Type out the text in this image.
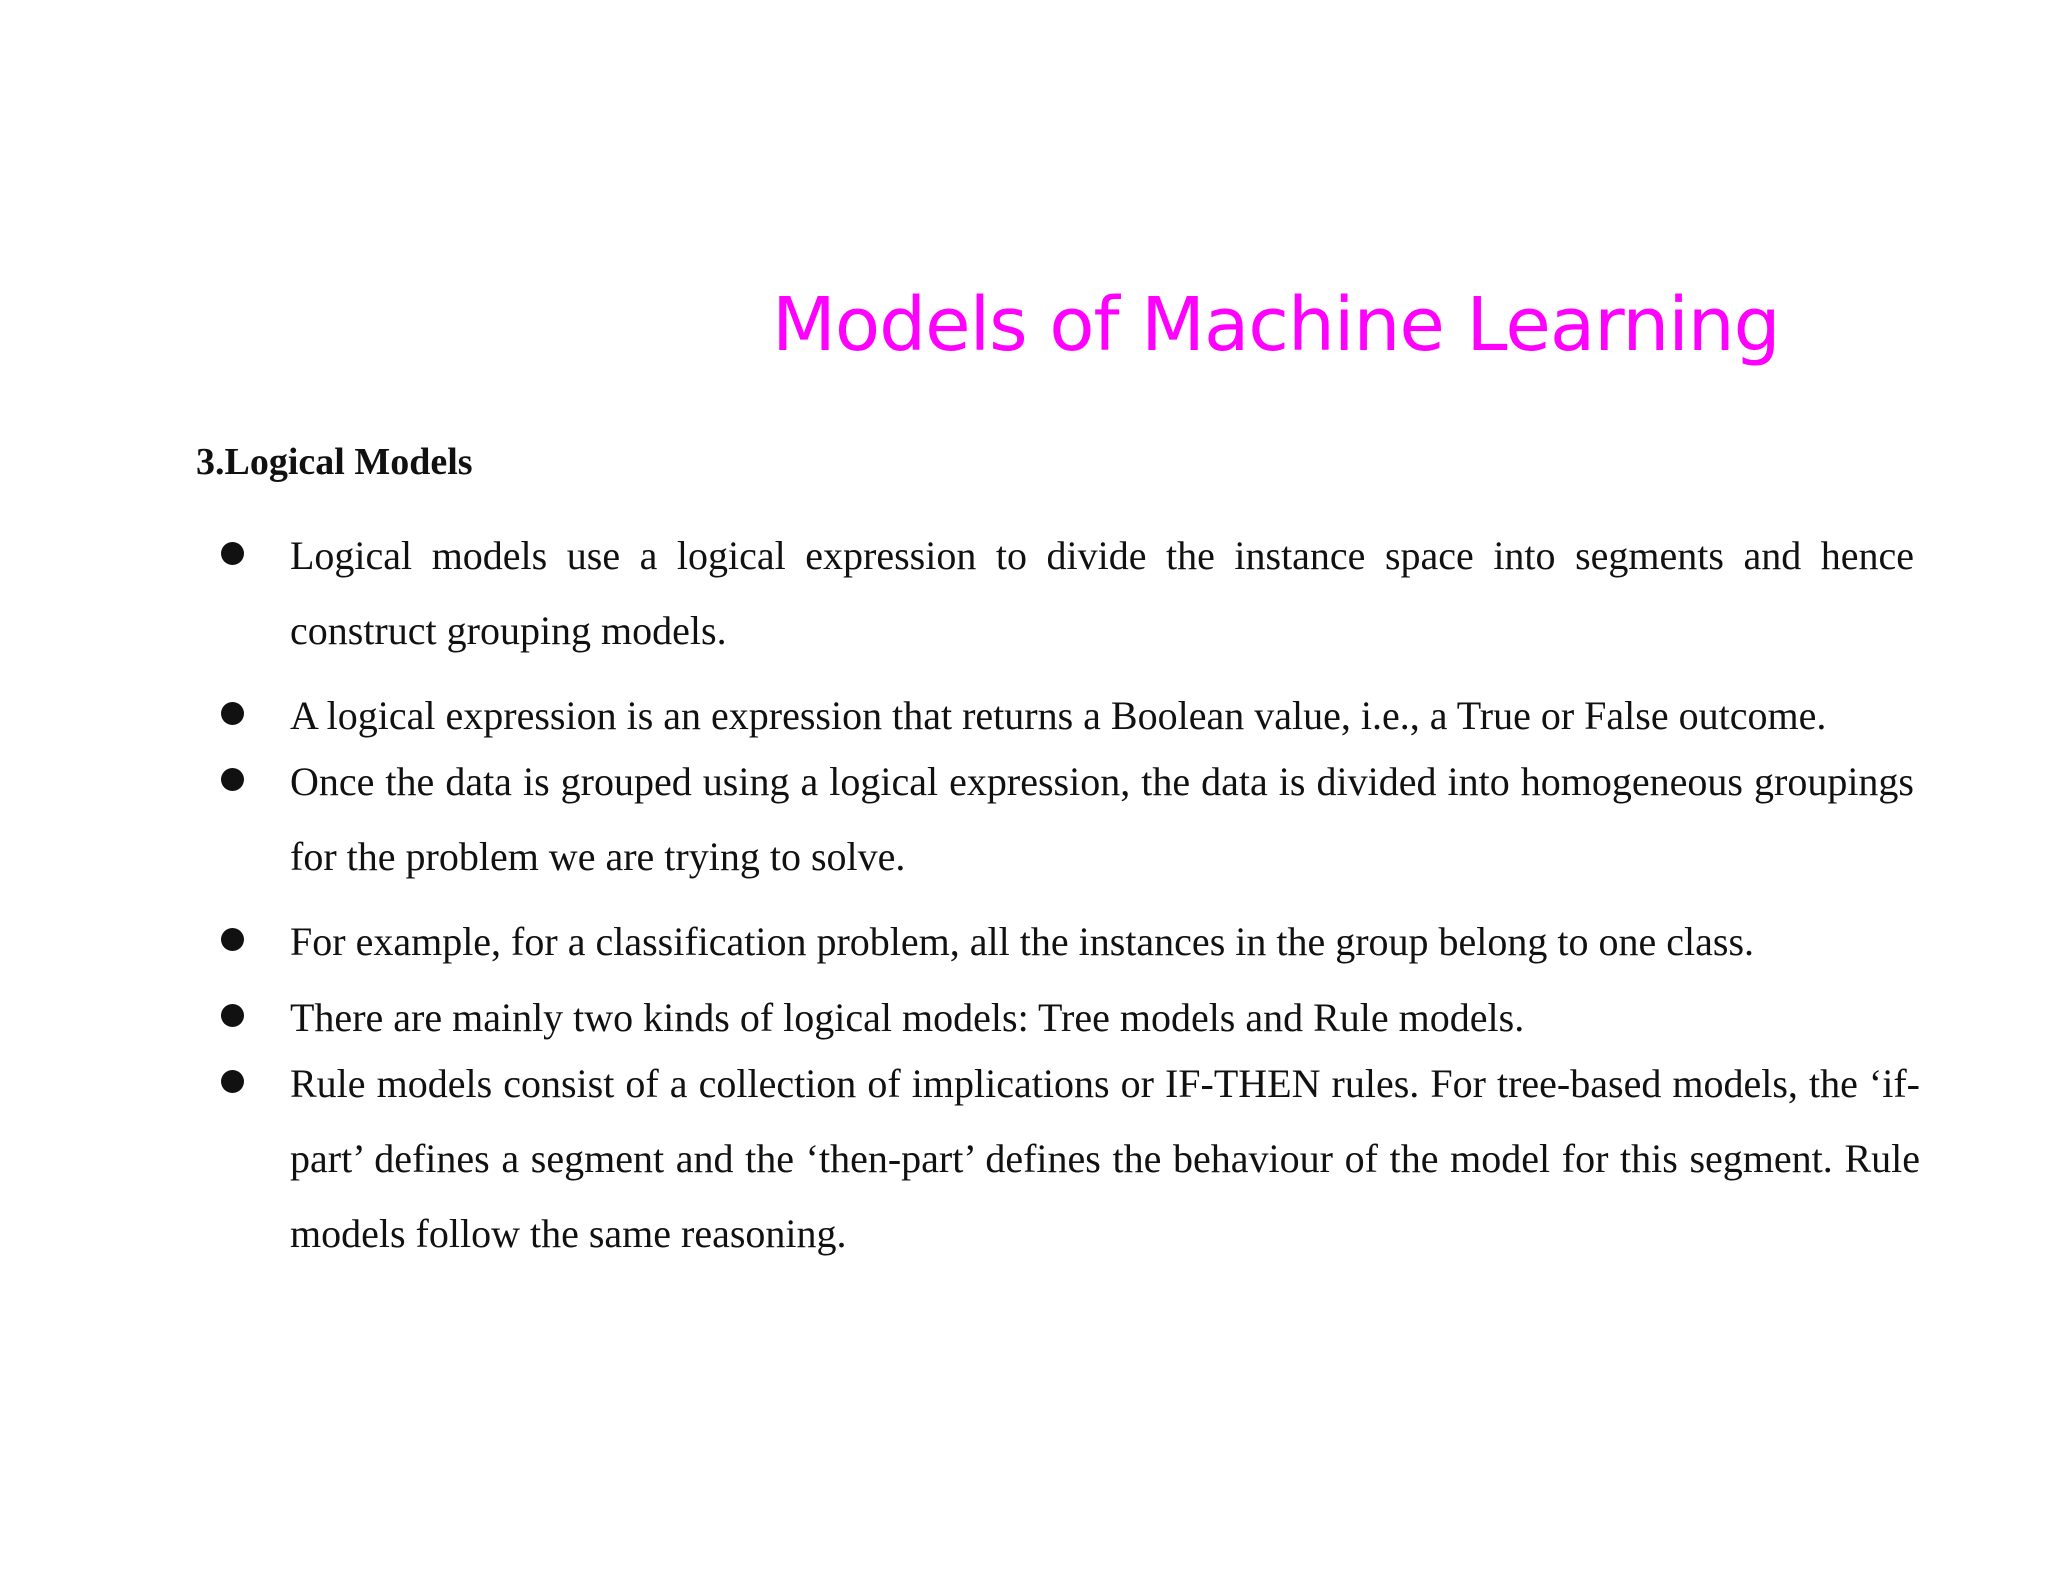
Models of Machine Learning
3.Logical Models

Logical models use a logical expression to divide the instance space into segments and hence construct grouping models.

A logical expression is an expression that returns a Boolean value, i.e., a True or False outcome.

Once the data is grouped using a logical expression, the data is divided into homogeneous groupings for the problem we are trying to solve.

For example, for a classification problem, all the instances in the group belong to one class.

There are mainly two kinds of logical models: Tree models and Rule models.

Rule models consist of a collection of implications or IF-THEN rules. For tree-based models, the ‘if-part’ defines a segment and the ‘then-part’ defines the behaviour of the model for this segment. Rule models follow the same reasoning.
